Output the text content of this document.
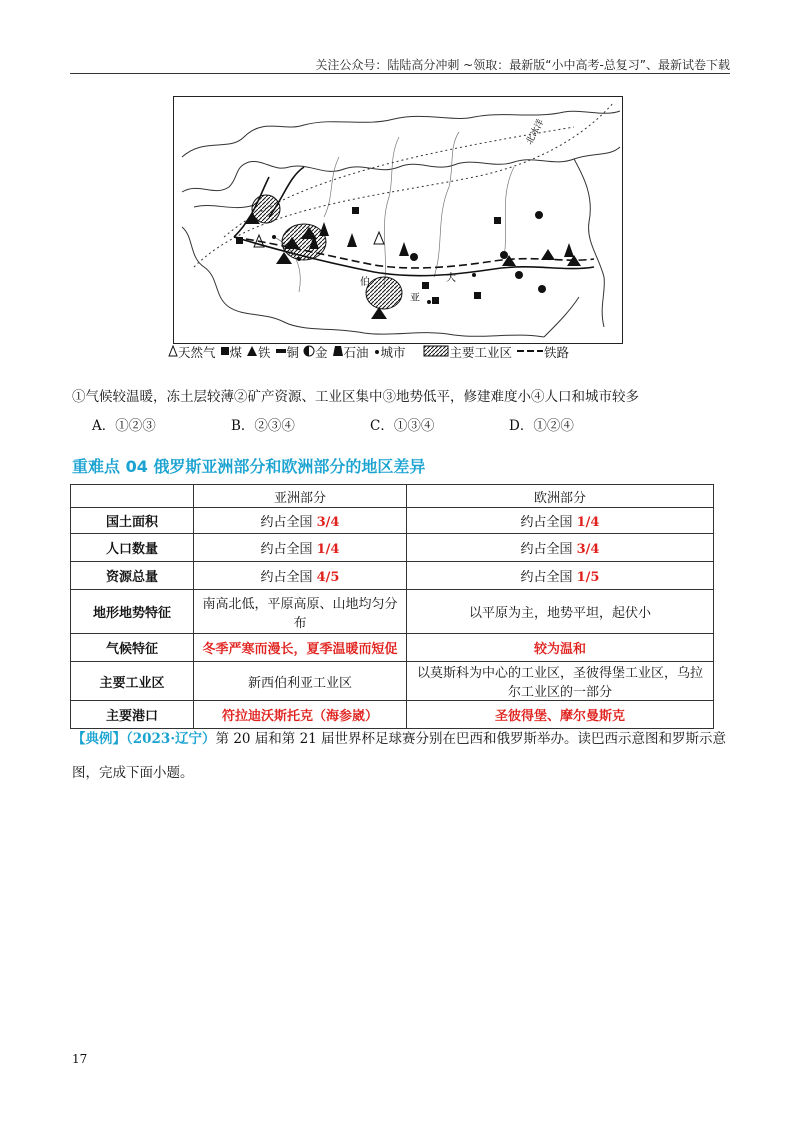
关注公众号：陆陆高分冲刺 ~领取：最新版“小中高考-总复习”、最新试卷下载
北冰洋
伯
亚
大
天然气 煤 铁 铜 金 石油 城市	主要工业区	铁路
①气候较温暖，冻土层较薄②矿产资源、工业区集中③地势低平，修建难度小④人口和城市较多
A．①②③	B．②③④	C．①③④	D．①②④
重难点 04 俄罗斯亚洲部分和欧洲部分的地区差异
	亚洲部分	欧洲部分
国土面积	约占全国 3/4	约占全国 1/4
人口数量	约占全国 1/4	约占全国 3/4
资源总量	约占全国 4/5	约占全国 1/5
地形地势特征	南高北低，平原高原、山地均匀分布	以平原为主，地势平坦，起伏小
气候特征	冬季严寒而漫长，夏季温暖而短促	较为温和
主要工业区	新西伯利亚工业区	以莫斯科为中心的工业区，圣彼得堡工业区，乌拉尔工业区的一部分
主要港口	符拉迪沃斯托克（海参崴）	圣彼得堡、摩尔曼斯克
【典例】（2023·辽宁）第 20 届和第 21 届世界杯足球赛分别在巴西和俄罗斯举办。读巴西示意图和罗斯示意图，完成下面小题。
17
